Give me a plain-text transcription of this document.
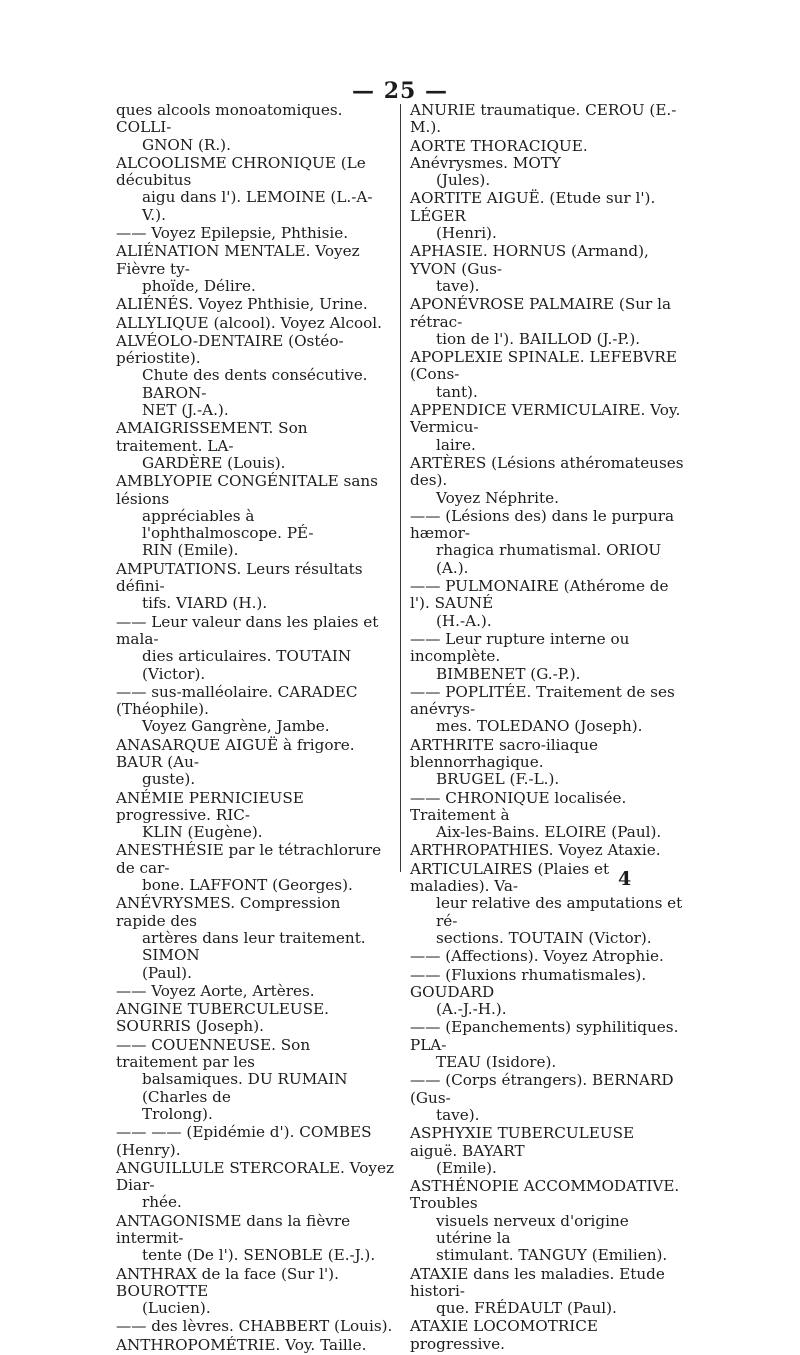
— 25 —
ques alcools monoatomiques. COLLI-
GNON (R.).
ALCOOLISME CHRONIQUE (Le décubitus
aigu dans l'). LEMOINE (L.-A-V.).
—— Voyez Epilepsie, Phthisie.
ALIÉNATION MENTALE. Voyez Fièvre ty-
phoïde, Délire.
ALIÉNÉS. Voyez Phthisie, Urine.
ALLYLIQUE (alcool). Voyez Alcool.
ALVÉOLO-DENTAIRE (Ostéo-périostite).
Chute des dents consécutive. BARON-
NET (J.-A.).
AMAIGRISSEMENT. Son traitement. LA-
GARDÈRE (Louis).
AMBLYOPIE CONGÉNITALE sans lésions
appréciables à l'ophthalmoscope. PÉ-
RIN (Emile).
AMPUTATIONS. Leurs résultats défini-
tifs. VIARD (H.).
—— Leur valeur dans les plaies et mala-
dies articulaires. TOUTAIN (Victor).
—— sus-malléolaire. CARADEC (Théophile).
Voyez Gangrène, Jambe.
ANASARQUE AIGUË à frigore. BAUR (Au-
guste).
ANÉMIE PERNICIEUSE progressive. RIC-
KLIN (Eugène).
ANESTHÉSIE par le tétrachlorure de car-
bone. LAFFONT (Georges).
ANÉVRYSMES. Compression rapide des
artères dans leur traitement. SIMON
(Paul).
—— Voyez Aorte, Artères.
ANGINE TUBERCULEUSE. SOURRIS (Joseph).
—— COUENNEUSE. Son traitement par les
balsamiques. DU RUMAIN (Charles de
Trolong).
—— —— (Epidémie d'). COMBES (Henry).
ANGUILLULE STERCORALE. Voyez Diar-
rhée.
ANTAGONISME dans la fièvre intermit-
tente (De l'). SENOBLE (E.-J.).
ANTHRAX de la face (Sur l'). BOUROTTE
(Lucien).
—— des lèvres. CHABBERT (Louis).
ANTHROPOMÉTRIE. Voy. Taille.
ANURIE traumatique. CEROU (E.-M.).
AORTE THORACIQUE. Anévrysmes. MOTY
(Jules).
AORTITE AIGUË. (Etude sur l'). LÉGER
(Henri).
APHASIE. HORNUS (Armand), YVON (Gus-
tave).
APONÉVROSE PALMAIRE (Sur la rétrac-
tion de l'). BAILLOD (J.-P.).
APOPLEXIE SPINALE. LEFEBVRE (Cons-
tant).
APPENDICE VERMICULAIRE. Voy. Vermicu-
laire.
ARTÈRES (Lésions athéromateuses des).
Voyez Néphrite.
—— (Lésions des) dans le purpura hæmor-
rhagica rhumatismal. ORIOU (A.).
—— PULMONAIRE (Athérome de l'). SAUNÉ
(H.-A.).
—— Leur rupture interne ou incomplète.
BIMBENET (G.-P.).
—— POPLITÉE. Traitement de ses anévrys-
mes. TOLEDANO (Joseph).
ARTHRITE sacro-iliaque blennorrhagique.
BRUGEL (F.-L.).
—— CHRONIQUE localisée. Traitement à
Aix-les-Bains. ELOIRE (Paul).
ARTHROPATHIES. Voyez Ataxie.
ARTICULAIRES (Plaies et maladies). Va-
leur relative des amputations et ré-
sections. TOUTAIN (Victor).
—— (Affections). Voyez Atrophie.
—— (Fluxions rhumatismales). GOUDARD
(A.-J.-H.).
—— (Epanchements) syphilitiques. PLA-
TEAU (Isidore).
—— (Corps étrangers). BERNARD (Gus-
tave).
ASPHYXIE TUBERCULEUSE aiguë. BAYART
(Emile).
ASTHÉNOPIE ACCOMMODATIVE. Troubles
visuels nerveux d'origine utérine la
stimulant. TANGUY (Emilien).
ATAXIE dans les maladies. Etude histori-
que. FRÉDAULT (Paul).
ATAXIE LOCOMOTRICE progressive.
4
